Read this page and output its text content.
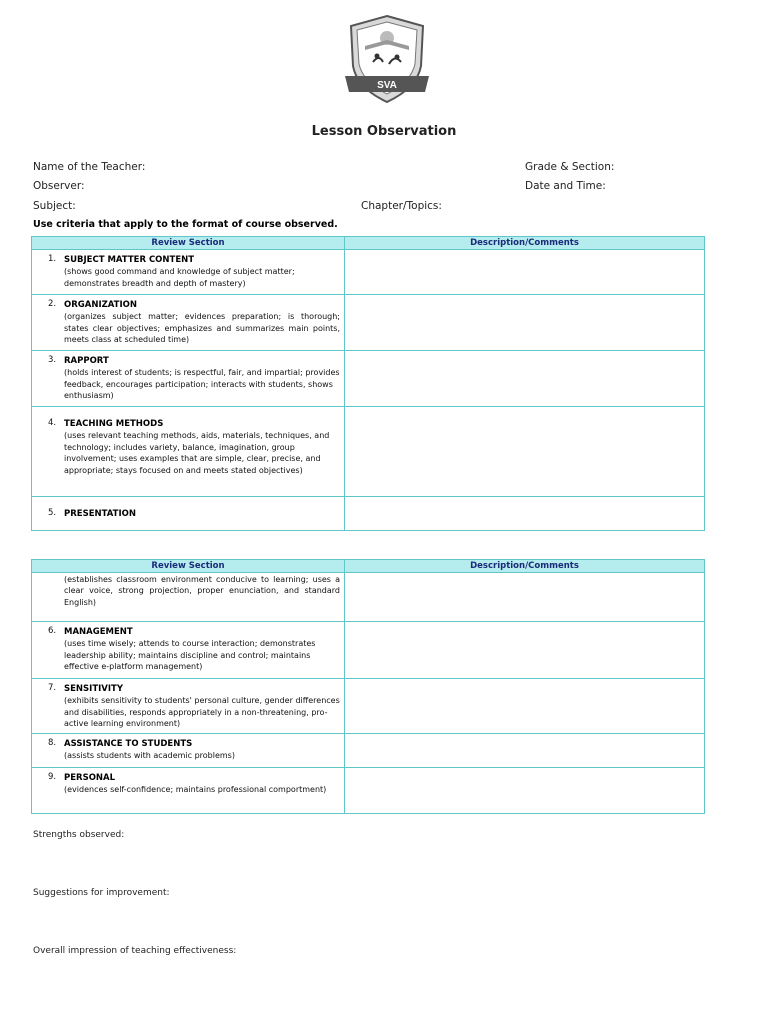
SVA
Lesson Observation
Name of the Teacher:	Grade & Section:
Observer:	Date and Time:
Subject:	Chapter/Topics:
Use criteria that apply to the format of course observed.
Review Section	Description/Comments

1. SUBJECT MATTER CONTENT
(shows good command and knowledge of subject matter; demonstrates breadth and depth of mastery)	

2. ORGANIZATION
(organizes subject matter; evidences preparation; is thorough; states clear objectives; emphasizes and summarizes main points, meets class at scheduled time)	

3. RAPPORT
(holds interest of students; is respectful, fair, and impartial; provides feedback, encourages participation; interacts with students, shows enthusiasm)	

4. TEACHING METHODS
(uses relevant teaching methods, aids, materials, techniques, and technology; includes variety, balance, imagination, group involvement; uses examples that are simple, clear, precise, and appropriate; stays focused on and meets stated objectives)	

5. PRESENTATION	

Review Section	Description/Comments

(establishes classroom environment conducive to learning; uses a clear voice, strong projection, proper enunciation, and standard English)	

6. MANAGEMENT
(uses time wisely; attends to course interaction; demonstrates leadership ability; maintains discipline and control; maintains effective e-platform management)	

7. SENSITIVITY
(exhibits sensitivity to students' personal culture, gender differences and disabilities, responds appropriately in a non-threatening, pro-active learning environment)	

8. ASSISTANCE TO STUDENTS
(assists students with academic problems)	

9. PERSONAL
(evidences self-confidence; maintains professional comportment)	

Strengths observed:
Suggestions for improvement:
Overall impression of teaching effectiveness:
